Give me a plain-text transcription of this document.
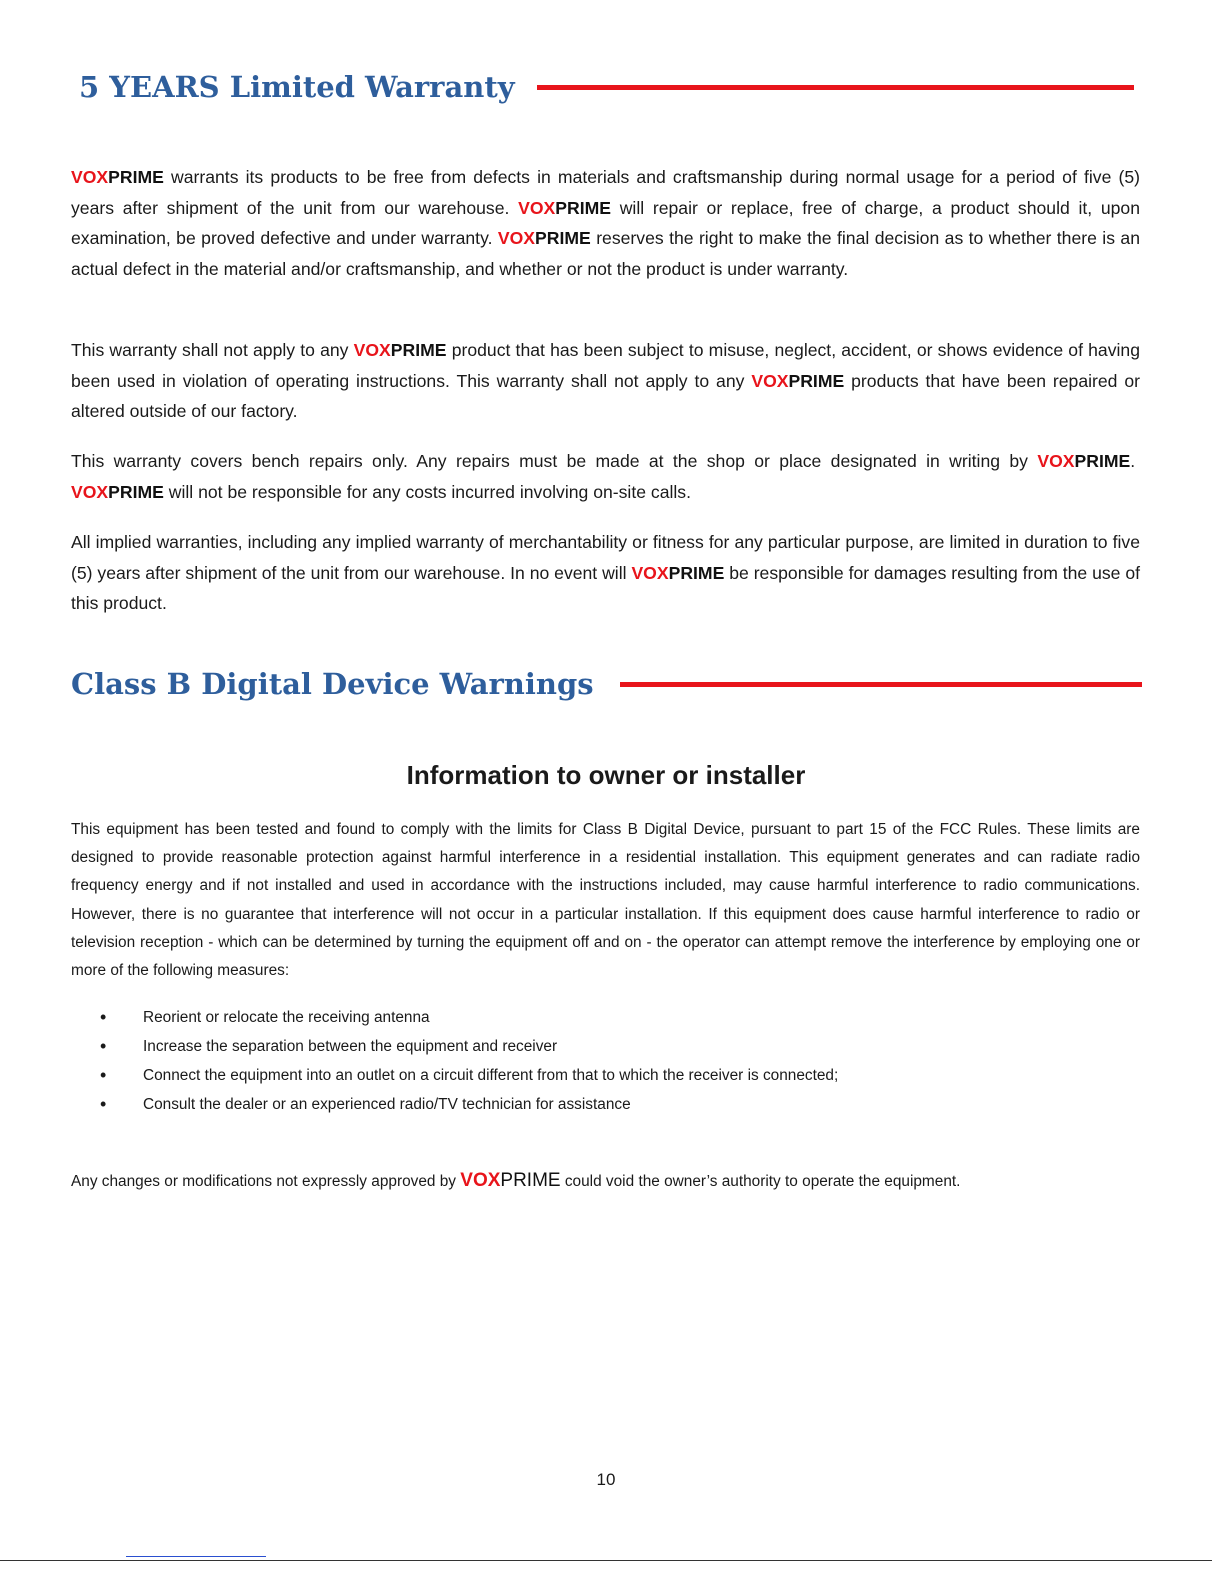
5 YEARS Limited Warranty

VOXPRIME warrants its products to be free from defects in materials and craftsmanship during normal usage for a period of five (5) years after shipment of the unit from our warehouse. VOXPRIME will repair or replace, free of charge, a product should it, upon examination, be proved defective and under warranty. VOXPRIME reserves the right to make the final decision as to whether there is an actual defect in the material and/or craftsmanship, and whether or not the product is under warranty.

This warranty shall not apply to any VOXPRIME product that has been subject to misuse, neglect, accident, or shows evidence of having been used in violation of operating instructions. This warranty shall not apply to any VOXPRIME products that have been repaired or altered outside of our factory.

This warranty covers bench repairs only. Any repairs must be made at the shop or place designated in writing by VOXPRIME.  VOXPRIME will not be responsible for any costs incurred involving on-site calls.

All implied warranties, including any implied warranty of merchantability or fitness for any particular purpose, are limited in duration to five (5) years after shipment of the unit from our warehouse. In no event will VOXPRIME be responsible for damages resulting from the use of this product.

Class B Digital Device Warnings
Information to owner or installer

This equipment has been tested and found to comply with the limits for Class B Digital Device, pursuant to part 15 of the FCC Rules. These limits are designed to provide reasonable protection against harmful interference in a residential installation. This equipment generates and can radiate radio frequency energy and if not installed and used in accordance with the instructions included, may cause harmful interference to radio communications. However, there is no guarantee that interference will not occur in a particular installation. If this equipment does cause harmful interference to radio or television reception - which can be determined by turning the equipment off and on - the operator can attempt remove the interference by employing one or more of the following measures:

•	Reorient or relocate the receiving antenna
•	Increase the separation between the equipment and receiver
•	Connect the equipment into an outlet on a circuit different from that to which the receiver is connected;
•	Consult the dealer or an experienced radio/TV technician for assistance

Any changes or modifications not expressly approved by VOXPRIME could void the owner’s authority to operate the equipment.

10
